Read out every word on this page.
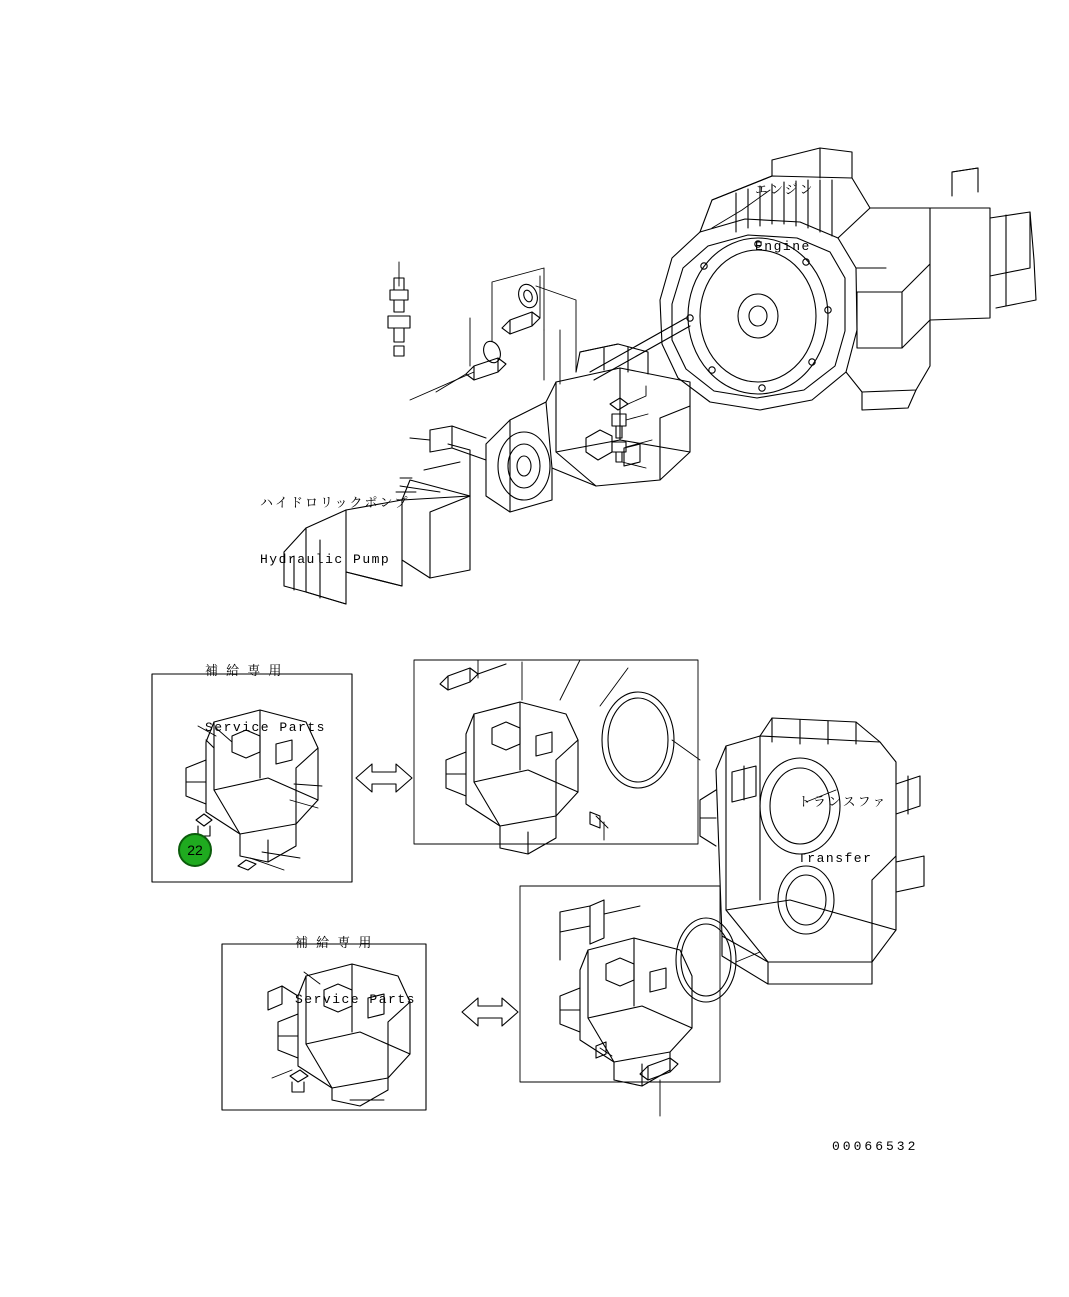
エンジン

Engine

ハイドロリックポンプ

Hydraulic Pump

補 給 専 用

Service Parts

補 給 専 用

Service Parts

トランスファ

Transfer

22
00066532
